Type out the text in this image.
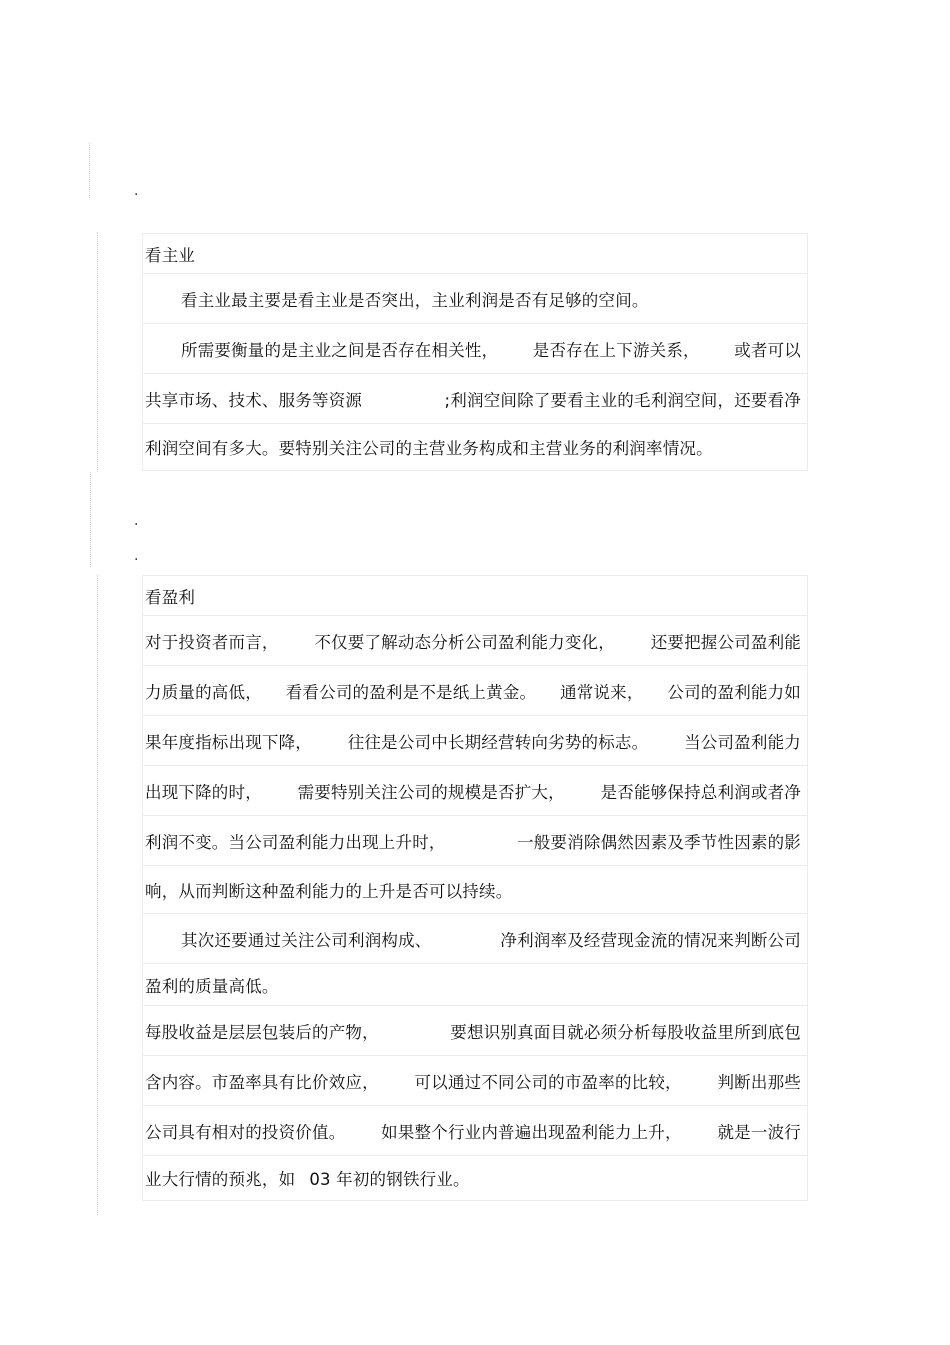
.
.
.
看主业
看主业最主要是看主业是否突出，主业利润是否有足够的空间。
所需要衡量的是主业之间是否存在相关性， 是否存在上下游关系， 或者可以
共享市场、技术、服务等资源	;利润空间除了要看主业的毛利润空间，还要看净
利润空间有多大。要特别关注公司的主营业务构成和主营业务的利润率情况。
看盈利
对于投资者而言， 不仅要了解动态分析公司盈利能力变化， 还要把握公司盈利能
力质量的高低， 看看公司的盈利是不是纸上黄金。 通常说来， 公司的盈利能力如
果年度指标出现下降， 往往是公司中长期经营转向劣势的标志。 当公司盈利能力
出现下降的时， 需要特别关注公司的规模是否扩大， 是否能够保持总利润或者净
利润不变。当公司盈利能力出现上升时，	一般要消除偶然因素及季节性因素的影
响，从而判断这种盈利能力的上升是否可以持续。
其次还要通过关注公司利润构成、	净利润率及经营现金流的情况来判断公司
盈利的质量高低。
每股收益是层层包装后的产物，	要想识别真面目就必须分析每股收益里所到底包
含内容。市盈率具有比价效应， 可以通过不同公司的市盈率的比较， 判断出那些
公司具有相对的投资价值。 如果整个行业内普遍出现盈利能力上升， 就是一波行
业大行情的预兆，如 03 年初的钢铁行业。
